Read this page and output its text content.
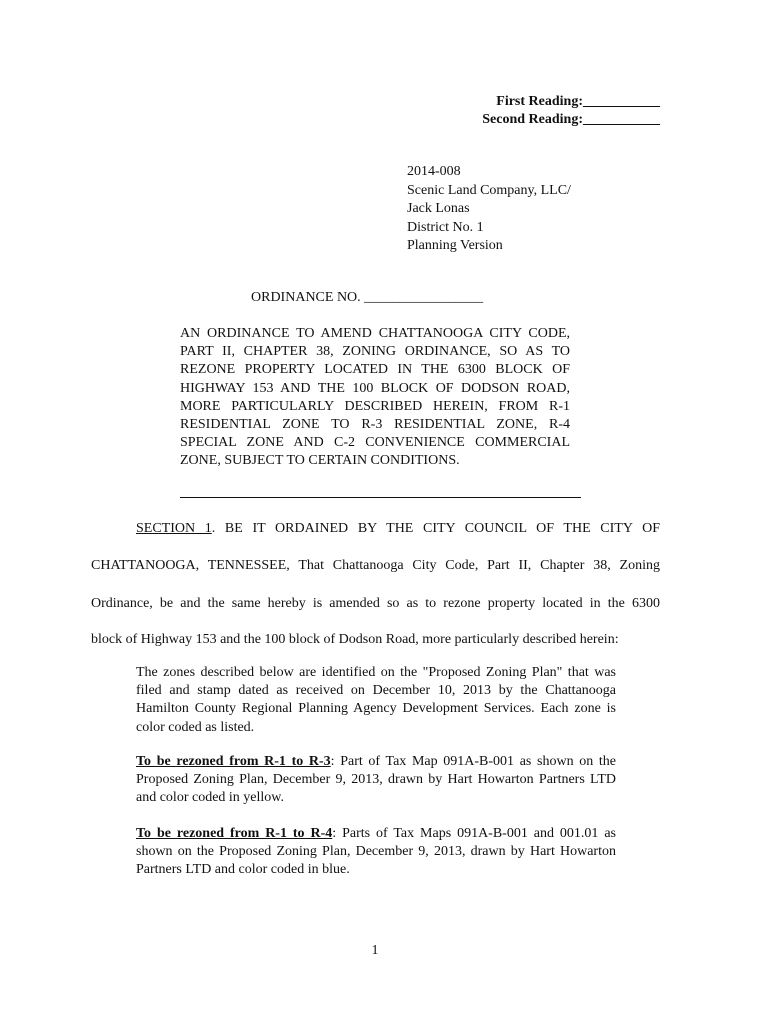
First Reading:___________
Second Reading:___________
2014-008
Scenic Land Company, LLC/
Jack Lonas
District No. 1
Planning Version
ORDINANCE NO. _________________
AN ORDINANCE TO AMEND CHATTANOOGA CITY CODE, PART II, CHAPTER 38, ZONING ORDINANCE, SO AS TO REZONE PROPERTY LOCATED IN THE 6300 BLOCK OF HIGHWAY 153 AND THE 100 BLOCK OF DODSON ROAD, MORE PARTICULARLY DESCRIBED HEREIN, FROM R-1 RESIDENTIAL ZONE TO R-3 RESIDENTIAL ZONE, R-4 SPECIAL ZONE AND C-2 CONVENIENCE COMMERCIAL ZONE, SUBJECT TO CERTAIN CONDITIONS.
SECTION 1. BE IT ORDAINED BY THE CITY COUNCIL OF THE CITY OF
CHATTANOOGA, TENNESSEE, That Chattanooga City Code, Part II, Chapter 38, Zoning
Ordinance, be and the same hereby is amended so as to rezone property located in the 6300
block of Highway 153 and the 100 block of Dodson Road, more particularly described herein:
The zones described below are identified on the "Proposed Zoning Plan" that was filed and stamp dated as received on December 10, 2013 by the Chattanooga Hamilton County Regional Planning Agency Development Services. Each zone is color coded as listed.
To be rezoned from R-1 to R-3: Part of Tax Map 091A-B-001 as shown on the Proposed Zoning Plan, December 9, 2013, drawn by Hart Howarton Partners LTD and color coded in yellow.
To be rezoned from R-1 to R-4: Parts of Tax Maps 091A-B-001 and 001.01 as shown on the Proposed Zoning Plan, December 9, 2013, drawn by Hart Howarton Partners LTD and color coded in blue.
1
